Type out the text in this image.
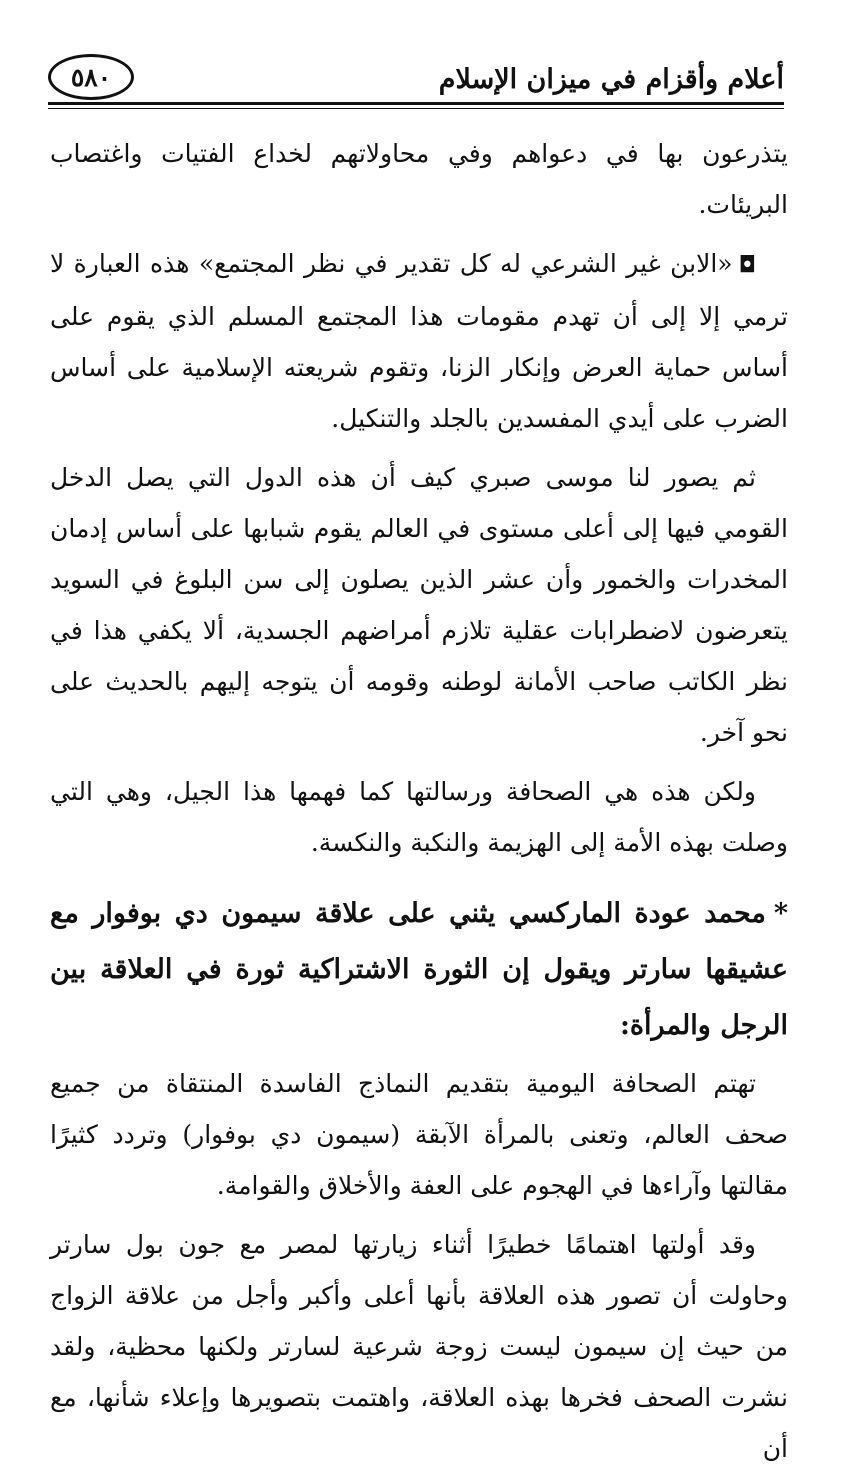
أعلام وأقزام في ميزان الإسلام
٥٨٠

يتذرعون بها في دعواهم وفي محاولاتهم لخداع الفتيات واغتصاب البريئات.

◘«الابن غير الشرعي له كل تقدير في نظر المجتمع» هذه العبارة لا ترمي إلا إلى أن تهدم مقومات هذا المجتمع المسلم الذي يقوم على أساس حماية العرض وإنكار الزنا، وتقوم شريعته الإسلامية على أساس الضرب على أيدي المفسدين بالجلد والتنكيل.

ثم يصور لنا موسى صبري كيف أن هذه الدول التي يصل الدخل القومي فيها إلى أعلى مستوى في العالم يقوم شبابها على أساس إدمان المخدرات والخمور وأن عشر الذين يصلون إلى سن البلوغ في السويد يتعرضون لاضطرابات عقلية تلازم أمراضهم الجسدية، ألا يكفي هذا في نظر الكاتب صاحب الأمانة لوطنه وقومه أن يتوجه إليهم بالحديث على نحو آخر.

ولكن هذه هي الصحافة ورسالتها كما فهمها هذا الجيل، وهي التي وصلت بهذه الأمة إلى الهزيمة والنكبة والنكسة.

*محمد عودة الماركسي يثني على علاقة سيمون دي بوفوار مع عشيقها سارتر ويقول إن الثورة الاشتراكية ثورة في العلاقة بين الرجل والمرأة:

تهتم الصحافة اليومية بتقديم النماذج الفاسدة المنتقاة من جميع صحف العالم، وتعنى بالمرأة الآبقة (سيمون دي بوفوار) وتردد كثيرًا مقالتها وآراءها في الهجوم على العفة والأخلاق والقوامة.

وقد أولتها اهتمامًا خطيرًا أثناء زيارتها لمصر مع جون بول سارتر وحاولت أن تصور هذه العلاقة بأنها أعلى وأكبر وأجل من علاقة الزواج من حيث إن سيمون ليست زوجة شرعية لسارتر ولكنها محظية، ولقد نشرت الصحف فخرها بهذه العلاقة، واهتمت بتصويرها وإعلاء شأنها، مع أن
